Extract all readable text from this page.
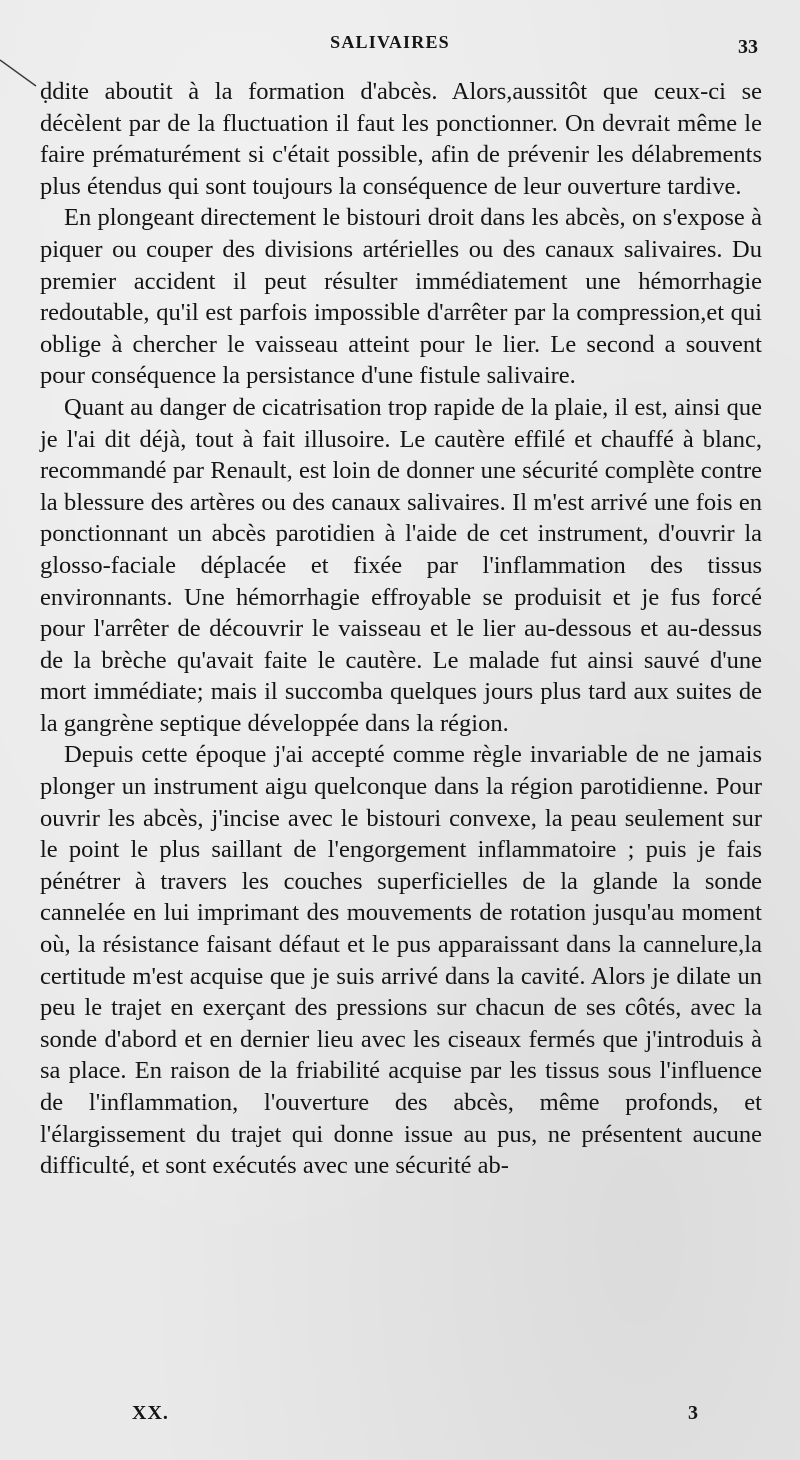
SALIVAIRES	33

ḍdite aboutit à la formation d'abcès. Alors,aussitôt que ceux-ci se décèlent par de la fluctuation il faut les ponctionner. On devrait même le faire prématurément si c'était possible, afin de prévenir les délabrements plus étendus qui sont toujours la conséquence de leur ouverture tardive.

En plongeant directement le bistouri droit dans les abcès, on s'expose à piquer ou couper des divisions artérielles ou des canaux salivaires. Du premier accident il peut résulter immédiatement une hémorrhagie redoutable, qu'il est parfois impossible d'arrêter par la compression,et qui oblige à chercher le vaisseau atteint pour le lier. Le second a souvent pour conséquence la persistance d'une fistule salivaire.

Quant au danger de cicatrisation trop rapide de la plaie, il est, ainsi que je l'ai dit déjà, tout à fait illusoire. Le cautère effilé et chauffé à blanc, recommandé par Renault, est loin de donner une sécurité complète contre la blessure des artères ou des canaux salivaires. Il m'est arrivé une fois en ponctionnant un abcès parotidien à l'aide de cet instrument, d'ouvrir la glosso-faciale déplacée et fixée par l'inflammation des tissus environnants. Une hémorrhagie effroyable se produisit et je fus forcé pour l'arrêter de découvrir le vaisseau et le lier au-dessous et au-dessus de la brèche qu'avait faite le cautère. Le malade fut ainsi sauvé d'une mort immédiate; mais il succomba quelques jours plus tard aux suites de la gangrène septique développée dans la région.

Depuis cette époque j'ai accepté comme règle invariable de ne jamais plonger un instrument aigu quelconque dans la région parotidienne. Pour ouvrir les abcès, j'incise avec le bistouri convexe, la peau seulement sur le point le plus saillant de l'engorgement inflammatoire ; puis je fais pénétrer à travers les couches superficielles de la glande la sonde cannelée en lui imprimant des mouvements de rotation jusqu'au moment où, la résistance faisant défaut et le pus apparaissant dans la cannelure,la certitude m'est acquise que je suis arrivé dans la cavité. Alors je dilate un peu le trajet en exerçant des pressions sur chacun de ses côtés, avec la sonde d'abord et en dernier lieu avec les ciseaux fermés que j'introduis à sa place. En raison de la friabilité acquise par les tissus sous l'influence de l'inflammation, l'ouverture des abcès, même profonds, et l'élargissement du trajet qui donne issue au pus, ne présentent aucune difficulté, et sont exécutés avec une sécurité ab-

XX.	3
